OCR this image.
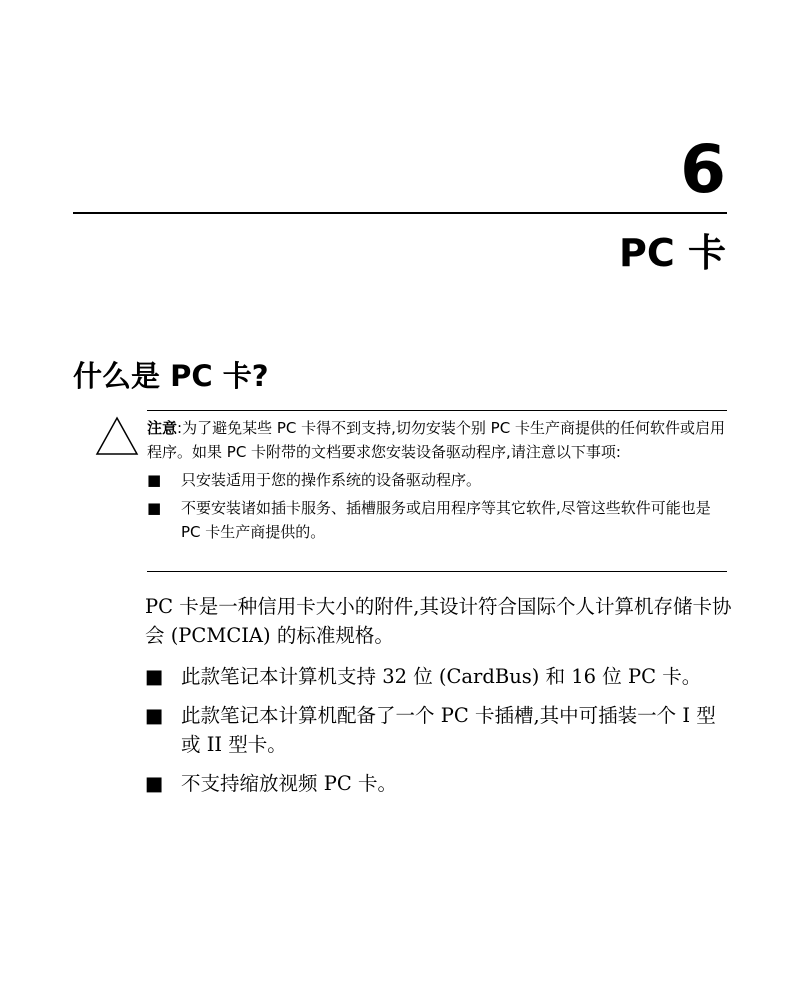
6
PC 卡
什么是 PC 卡?

注意:为了避免某些 PC 卡得不到支持,切勿安装个别 PC 卡生产商提供的任何软件或启用程序。如果 PC 卡附带的文档要求您安装设备驱动程序,请注意以下事项:

■ 只安装适用于您的操作系统的设备驱动程序。
■ 不要安装诸如插卡服务、插槽服务或启用程序等其它软件,尽管这些软件可能也是 PC 卡生产商提供的。

PC 卡是一种信用卡大小的附件,其设计符合国际个人计算机存储卡协会 (PCMCIA) 的标准规格。

■ 此款笔记本计算机支持 32 位 (CardBus) 和 16 位 PC 卡。
■ 此款笔记本计算机配备了一个 PC 卡插槽,其中可插装一个 I 型或 II 型卡。
■ 不支持缩放视频 PC 卡。
